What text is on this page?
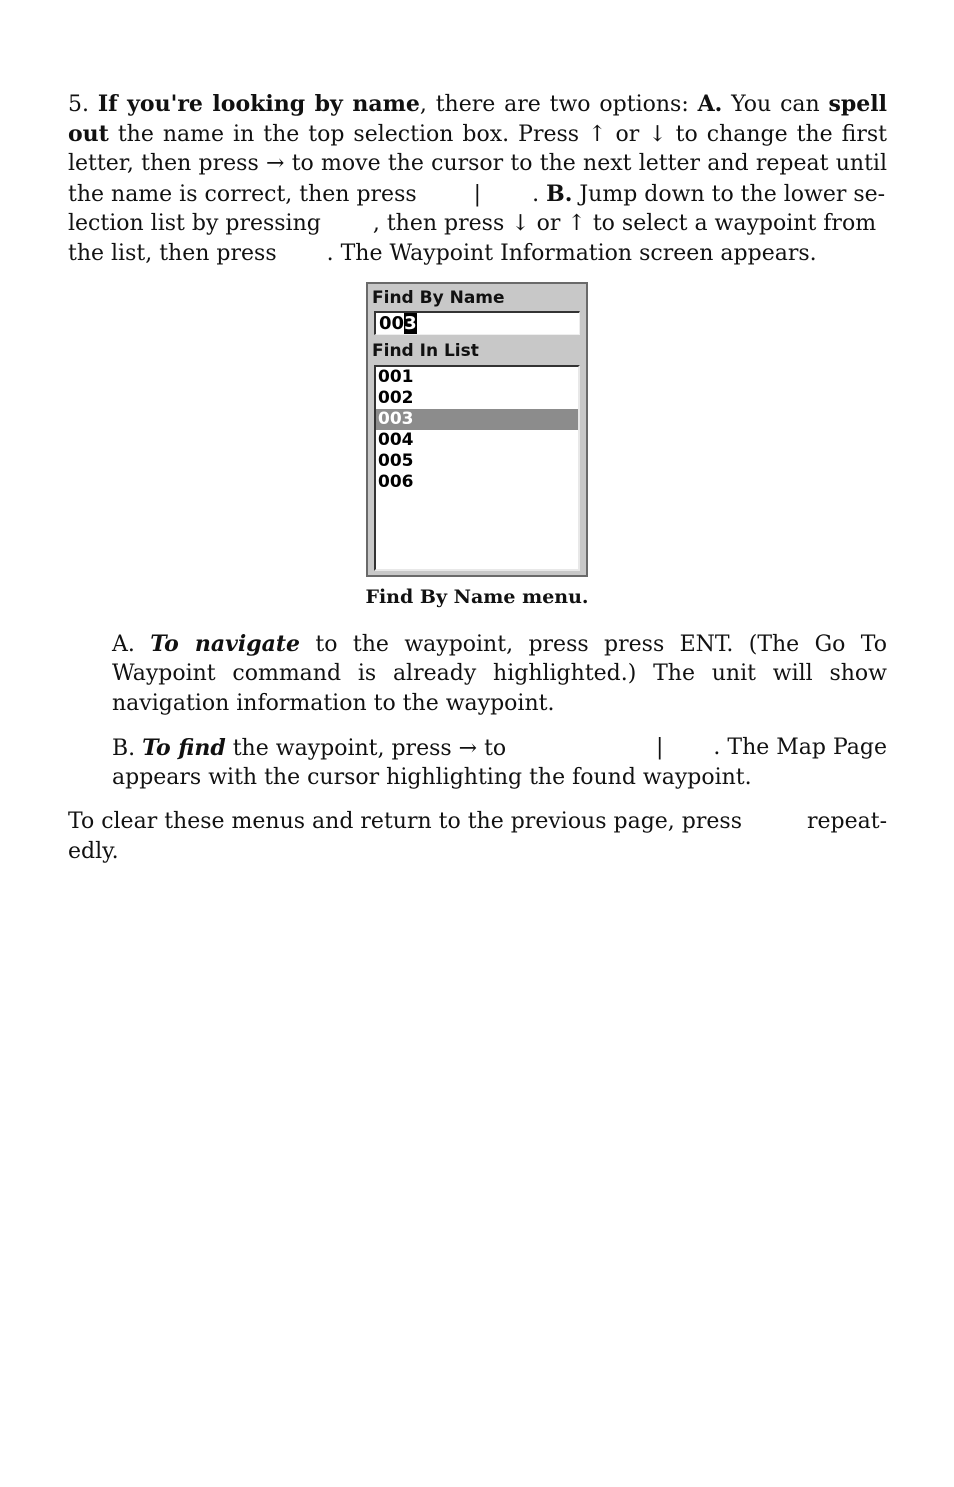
5. If you're looking by name, there are two options: A. You can spell
out the name in the top selection box. Press ↑ or ↓ to change the first
letter, then press → to move the cursor to the next letter and repeat until
the name is correct, then press	| . B. Jump down to the lower se-
lection list by pressing , then press ↓ or ↑ to select a waypoint from
the list, then press . The Waypoint Information screen appears.
Find By Name
003
Find In List
001
002
003
004
005
006
Find By Name menu.
A. To navigate to the waypoint, press press ENT. (The Go To
Waypoint command is already highlighted.) The unit will show
navigation information to the waypoint.
B. To find the waypoint, press → to	| . The Map Page
appears with the cursor highlighting the found waypoint.
To clear these menus and return to the previous page, press	repeat-
edly.
